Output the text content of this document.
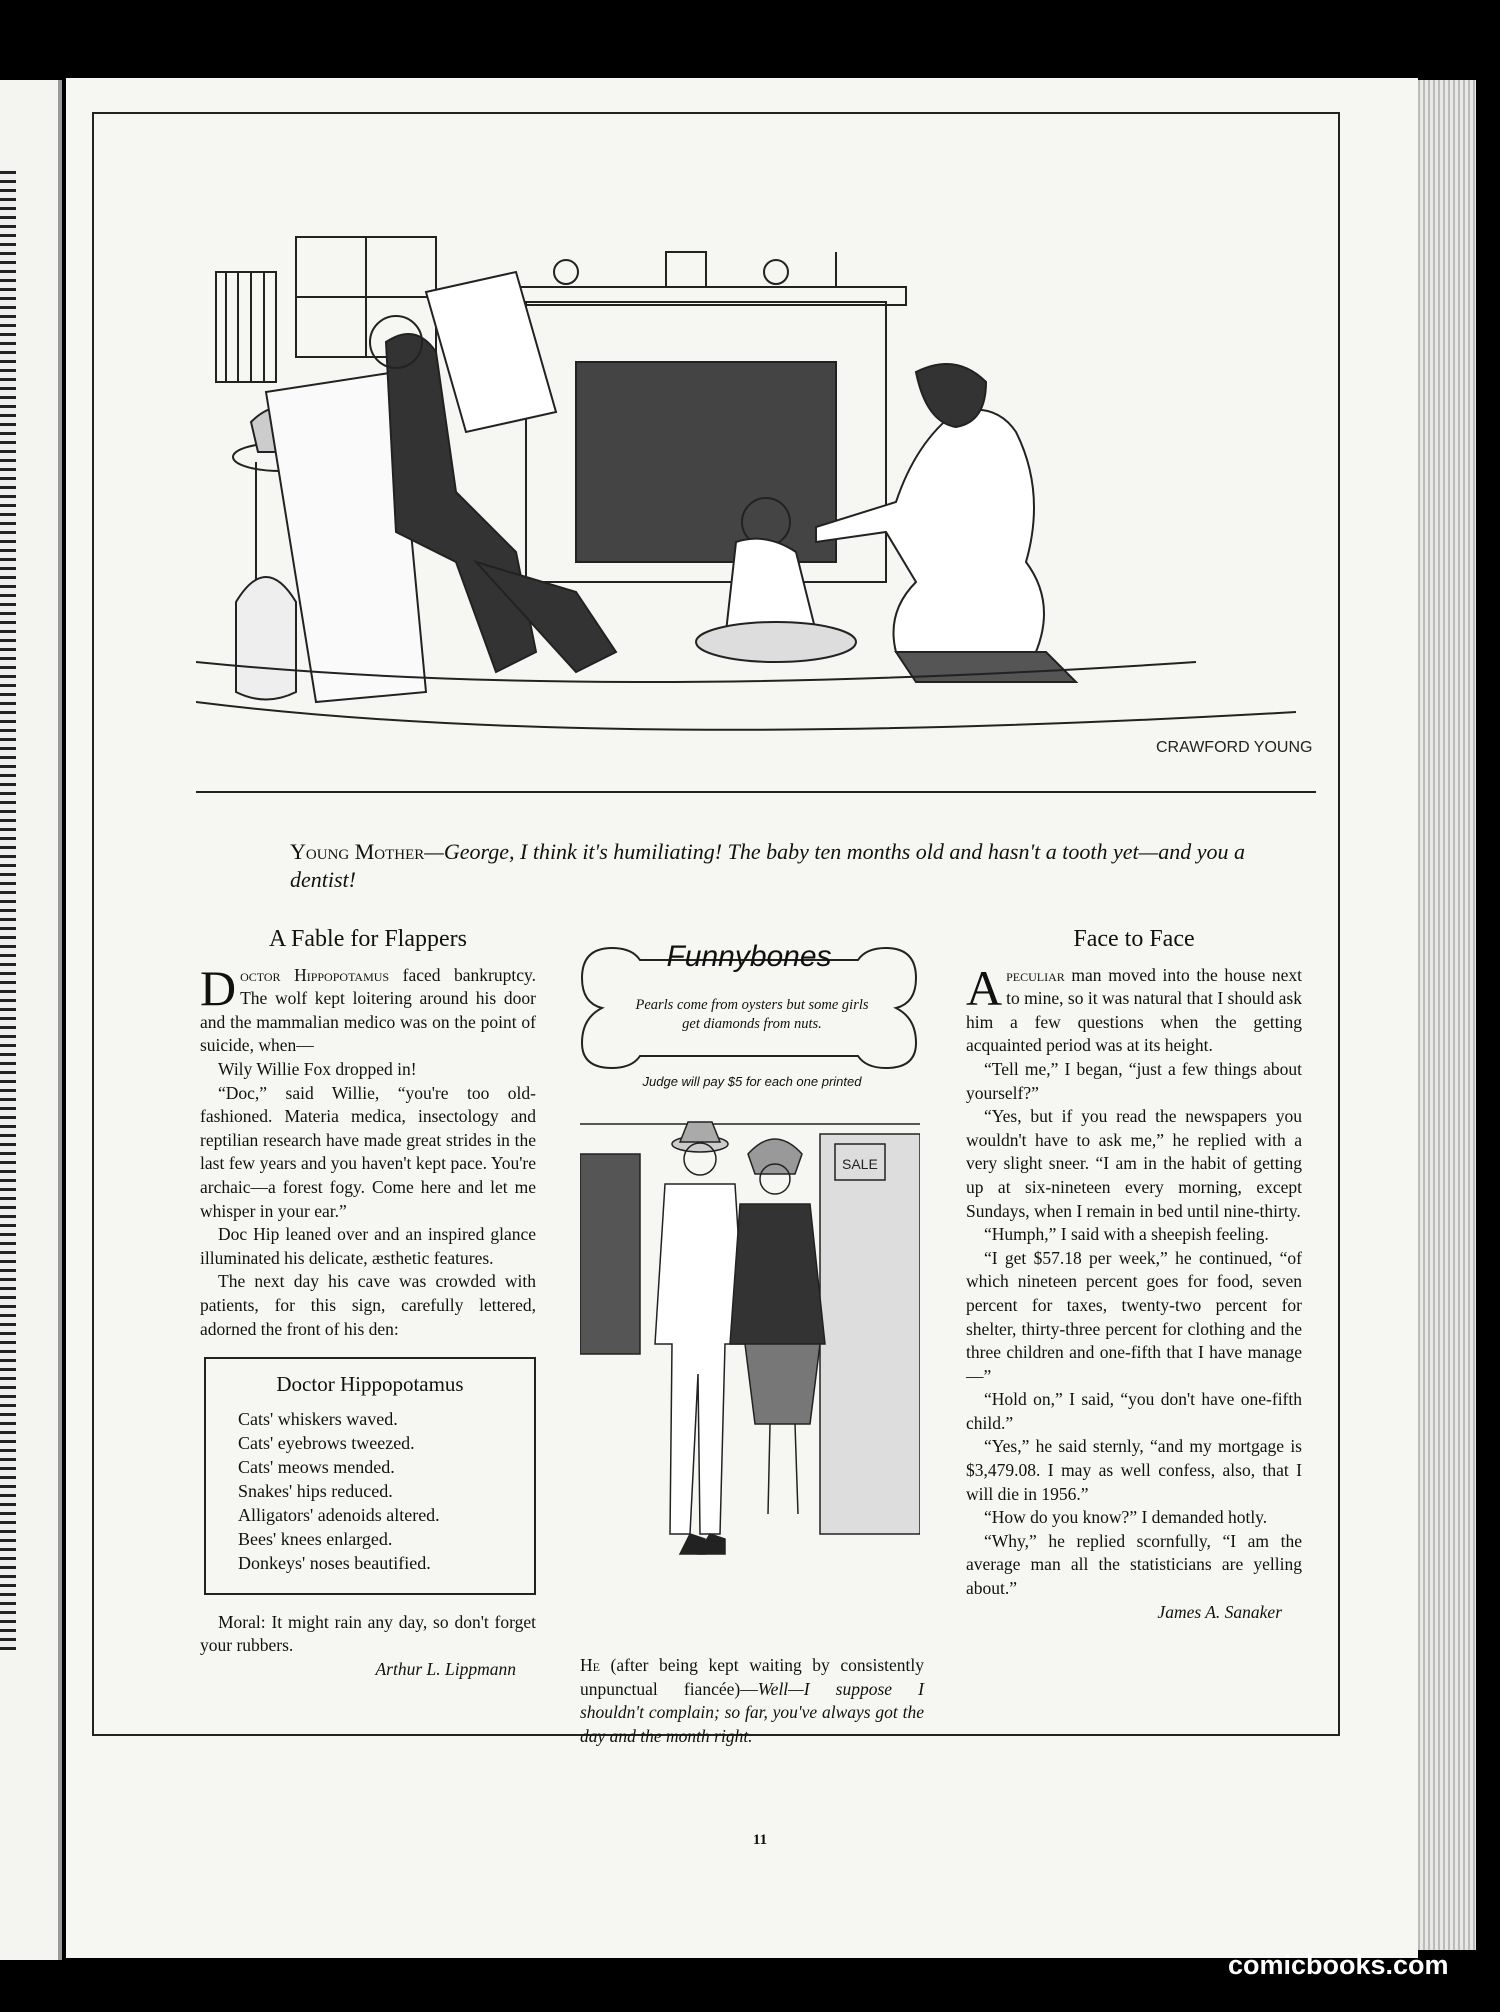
CRAWFORD YOUNG
Young Mother—George, I think it's humiliating! The baby ten months old and hasn't a tooth yet—and you a dentist!
A Fable for Flappers

Doctor Hippopotamus faced bankruptcy. The wolf kept loitering around his door and the mammalian medico was on the point of suicide, when—

Wily Willie Fox dropped in!

“Doc,” said Willie, “you're too old-fashioned. Materia medica, insectology and reptilian research have made great strides in the last few years and you haven't kept pace. You're archaic—a forest fogy. Come here and let me whisper in your ear.”

Doc Hip leaned over and an inspired glance illuminated his delicate, æsthetic features.

The next day his cave was crowded with patients, for this sign, carefully lettered, adorned the front of his den:

Doctor Hippopotamus
Cats' whiskers waved.
Cats' eyebrows tweezed.
Cats' meows mended.
Snakes' hips reduced.
Alligators' adenoids altered.
Bees' knees enlarged.
Donkeys' noses beautified.

Moral: It might rain any day, so don't forget your rubbers.

Arthur L. Lippmann
Funnybones
Pearls come from oysters but some girls get diamonds from nuts.
Judge will pay $5 for each one printed
SALE
He (after being kept waiting by consistently unpunctual fiancée)—Well—I suppose I shouldn't complain; so far, you've always got the day and the month right.
Face to Face

Apeculiar man moved into the house next to mine, so it was natural that I should ask him a few questions when the getting acquainted period was at its height.

“Tell me,” I began, “just a few things about yourself?”

“Yes, but if you read the newspapers you wouldn't have to ask me,” he replied with a very slight sneer. “I am in the habit of getting up at six-nineteen every morning, except Sundays, when I remain in bed until nine-thirty.

“Humph,” I said with a sheepish feeling.

“I get $57.18 per week,” he continued, “of which nineteen percent goes for food, seven percent for taxes, twenty-two percent for shelter, thirty-three percent for clothing and the three children and one-fifth that I have manage—”

“Hold on,” I said, “you don't have one-fifth child.”

“Yes,” he said sternly, “and my mortgage is $3,479.08. I may as well confess, also, that I will die in 1956.”

“How do you know?” I demanded hotly.

“Why,” he replied scornfully, “I am the average man all the statisticians are yelling about.”

James A. Sanaker
11
comicbooks.com
